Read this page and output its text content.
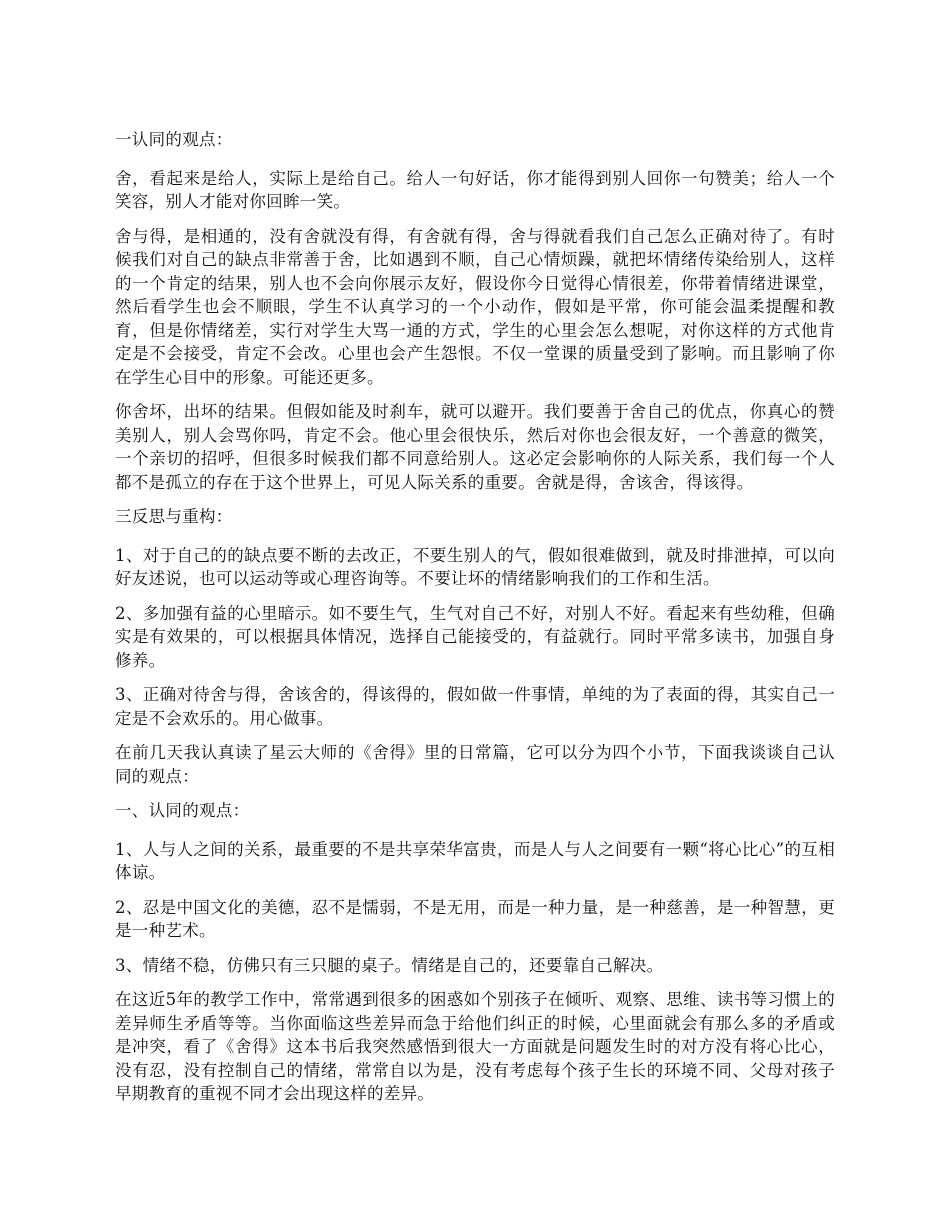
一认同的观点：

舍，看起来是给人，实际上是给自己。给人一句好话，你才能得到别人回你一句赞美；给人一个笑容，别人才能对你回眸一笑。

舍与得，是相通的，没有舍就没有得，有舍就有得，舍与得就看我们自己怎么正确对待了。有时候我们对自己的缺点非常善于舍，比如遇到不顺，自己心情烦躁，就把坏情绪传染给别人，这样的一个肯定的结果，别人也不会向你展示友好，假设你今日觉得心情很差，你带着情绪进课堂，然后看学生也会不顺眼，学生不认真学习的一个小动作，假如是平常，你可能会温柔提醒和教育，但是你情绪差，实行对学生大骂一通的方式，学生的心里会怎么想呢，对你这样的方式他肯定是不会接受，肯定不会改。心里也会产生怨恨。不仅一堂课的质量受到了影响。而且影响了你在学生心目中的形象。可能还更多。

你舍坏，出坏的结果。但假如能及时刹车，就可以避开。我们要善于舍自己的优点，你真心的赞美别人，别人会骂你吗，肯定不会。他心里会很快乐，然后对你也会很友好，一个善意的微笑，一个亲切的招呼，但很多时候我们都不同意给别人。这必定会影响你的人际关系，我们每一个人都不是孤立的存在于这个世界上，可见人际关系的重要。舍就是得，舍该舍，得该得。

三反思与重构：

1、对于自己的的缺点要不断的去改正，不要生别人的气，假如很难做到，就及时排泄掉，可以向好友述说，也可以运动等或心理咨询等。不要让坏的情绪影响我们的工作和生活。

2、多加强有益的心里暗示。如不要生气，生气对自己不好，对别人不好。看起来有些幼稚，但确实是有效果的，可以根据具体情况，选择自己能接受的，有益就行。同时平常多读书，加强自身修养。

3、正确对待舍与得，舍该舍的，得该得的，假如做一件事情，单纯的为了表面的得，其实自己一定是不会欢乐的。用心做事。

在前几天我认真读了星云大师的《舍得》里的日常篇，它可以分为四个小节，下面我谈谈自己认同的观点：

一、认同的观点：

1、人与人之间的关系，最重要的不是共享荣华富贵，而是人与人之间要有一颗“将心比心”的互相体谅。

2、忍是中国文化的美德，忍不是懦弱，不是无用，而是一种力量，是一种慈善，是一种智慧，更是一种艺术。

3、情绪不稳，仿佛只有三只腿的桌子。情绪是自己的，还要靠自己解决。

在这近5年的教学工作中，常常遇到很多的困惑如个别孩子在倾听、观察、思维、读书等习惯上的差异师生矛盾等等。当你面临这些差异而急于给他们纠正的时候，心里面就会有那么多的矛盾或是冲突，看了《舍得》这本书后我突然感悟到很大一方面就是问题发生时的对方没有将心比心，没有忍，没有控制自己的情绪，常常自以为是，没有考虑每个孩子生长的环境不同、父母对孩子早期教育的重视不同才会出现这样的差异。
